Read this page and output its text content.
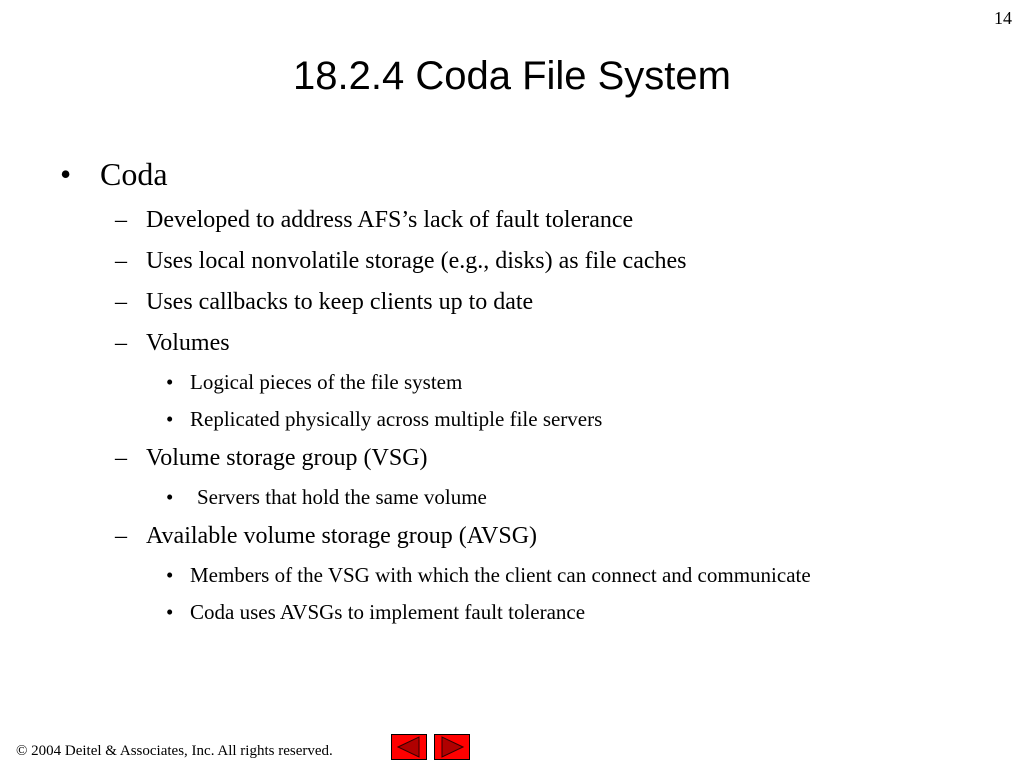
14
18.2.4 Coda File System
• Coda
– Developed to address AFS’s lack of fault tolerance
– Uses local nonvolatile storage (e.g., disks) as file caches
– Uses callbacks to keep clients up to date
– Volumes
• Logical pieces of the file system
• Replicated physically across multiple file servers
– Volume storage group (VSG)
• Servers that hold the same volume
– Available volume storage group (AVSG)
• Members of the VSG with which the client can connect and communicate
• Coda uses AVSGs to implement fault tolerance
© 2004 Deitel & Associates, Inc. All rights reserved.
